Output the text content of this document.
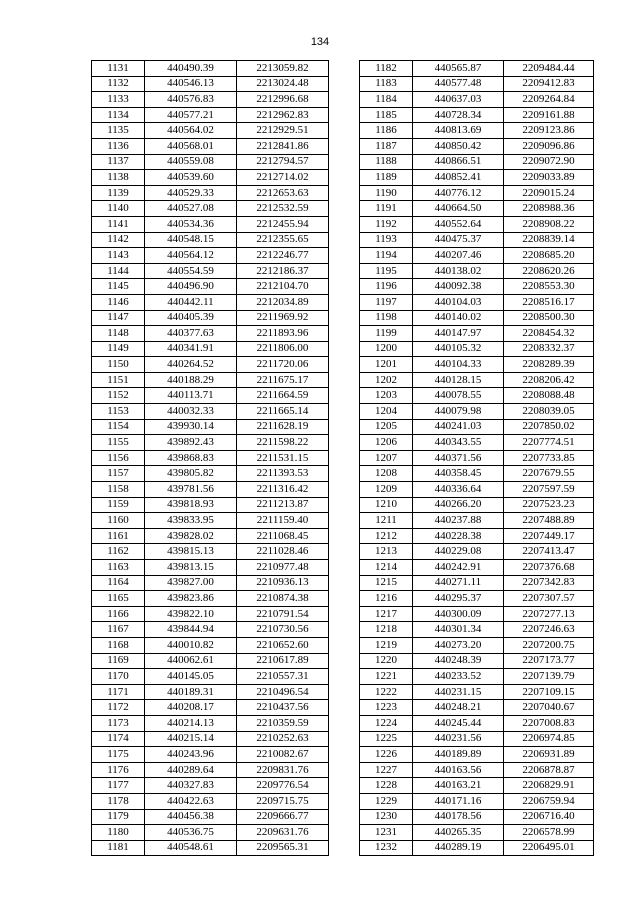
134
1131	440490.39	2213059.82
1132	440546.13	2213024.48
1133	440576.83	2212996.68
1134	440577.21	2212962.83
1135	440564.02	2212929.51
1136	440568.01	2212841.86
1137	440559.08	2212794.57
1138	440539.60	2212714.02
1139	440529.33	2212653.63
1140	440527.08	2212532.59
1141	440534.36	2212455.94
1142	440548.15	2212355.65
1143	440564.12	2212246.77
1144	440554.59	2212186.37
1145	440496.90	2212104.70
1146	440442.11	2212034.89
1147	440405.39	2211969.92
1148	440377.63	2211893.96
1149	440341.91	2211806.00
1150	440264.52	2211720.06
1151	440188.29	2211675.17
1152	440113.71	2211664.59
1153	440032.33	2211665.14
1154	439930.14	2211628.19
1155	439892.43	2211598.22
1156	439868.83	2211531.15
1157	439805.82	2211393.53
1158	439781.56	2211316.42
1159	439818.93	2211213.87
1160	439833.95	2211159.40
1161	439828.02	2211068.45
1162	439815.13	2211028.46
1163	439813.15	2210977.48
1164	439827.00	2210936.13
1165	439823.86	2210874.38
1166	439822.10	2210791.54
1167	439844.94	2210730.56
1168	440010.82	2210652.60
1169	440062.61	2210617.89
1170	440145.05	2210557.31
1171	440189.31	2210496.54
1172	440208.17	2210437.56
1173	440214.13	2210359.59
1174	440215.14	2210252.63
1175	440243.96	2210082.67
1176	440289.64	2209831.76
1177	440327.83	2209776.54
1178	440422.63	2209715.75
1179	440456.38	2209666.77
1180	440536.75	2209631.76
1181	440548.61	2209565.31
1182	440565.87	2209484.44
1183	440577.48	2209412.83
1184	440637.03	2209264.84
1185	440728.34	2209161.88
1186	440813.69	2209123.86
1187	440850.42	2209096.86
1188	440866.51	2209072.90
1189	440852.41	2209033.89
1190	440776.12	2209015.24
1191	440664.50	2208988.36
1192	440552.64	2208908.22
1193	440475.37	2208839.14
1194	440207.46	2208685.20
1195	440138.02	2208620.26
1196	440092.38	2208553.30
1197	440104.03	2208516.17
1198	440140.02	2208500.30
1199	440147.97	2208454.32
1200	440105.32	2208332.37
1201	440104.33	2208289.39
1202	440128.15	2208206.42
1203	440078.55	2208088.48
1204	440079.98	2208039.05
1205	440241.03	2207850.02
1206	440343.55	2207774.51
1207	440371.56	2207733.85
1208	440358.45	2207679.55
1209	440336.64	2207597.59
1210	440266.20	2207523.23
1211	440237.88	2207488.89
1212	440228.38	2207449.17
1213	440229.08	2207413.47
1214	440242.91	2207376.68
1215	440271.11	2207342.83
1216	440295.37	2207307.57
1217	440300.09	2207277.13
1218	440301.34	2207246.63
1219	440273.20	2207200.75
1220	440248.39	2207173.77
1221	440233.52	2207139.79
1222	440231.15	2207109.15
1223	440248.21	2207040.67
1224	440245.44	2207008.83
1225	440231.56	2206974.85
1226	440189.89	2206931.89
1227	440163.56	2206878.87
1228	440163.21	2206829.91
1229	440171.16	2206759.94
1230	440178.56	2206716.40
1231	440265.35	2206578.99
1232	440289.19	2206495.01
